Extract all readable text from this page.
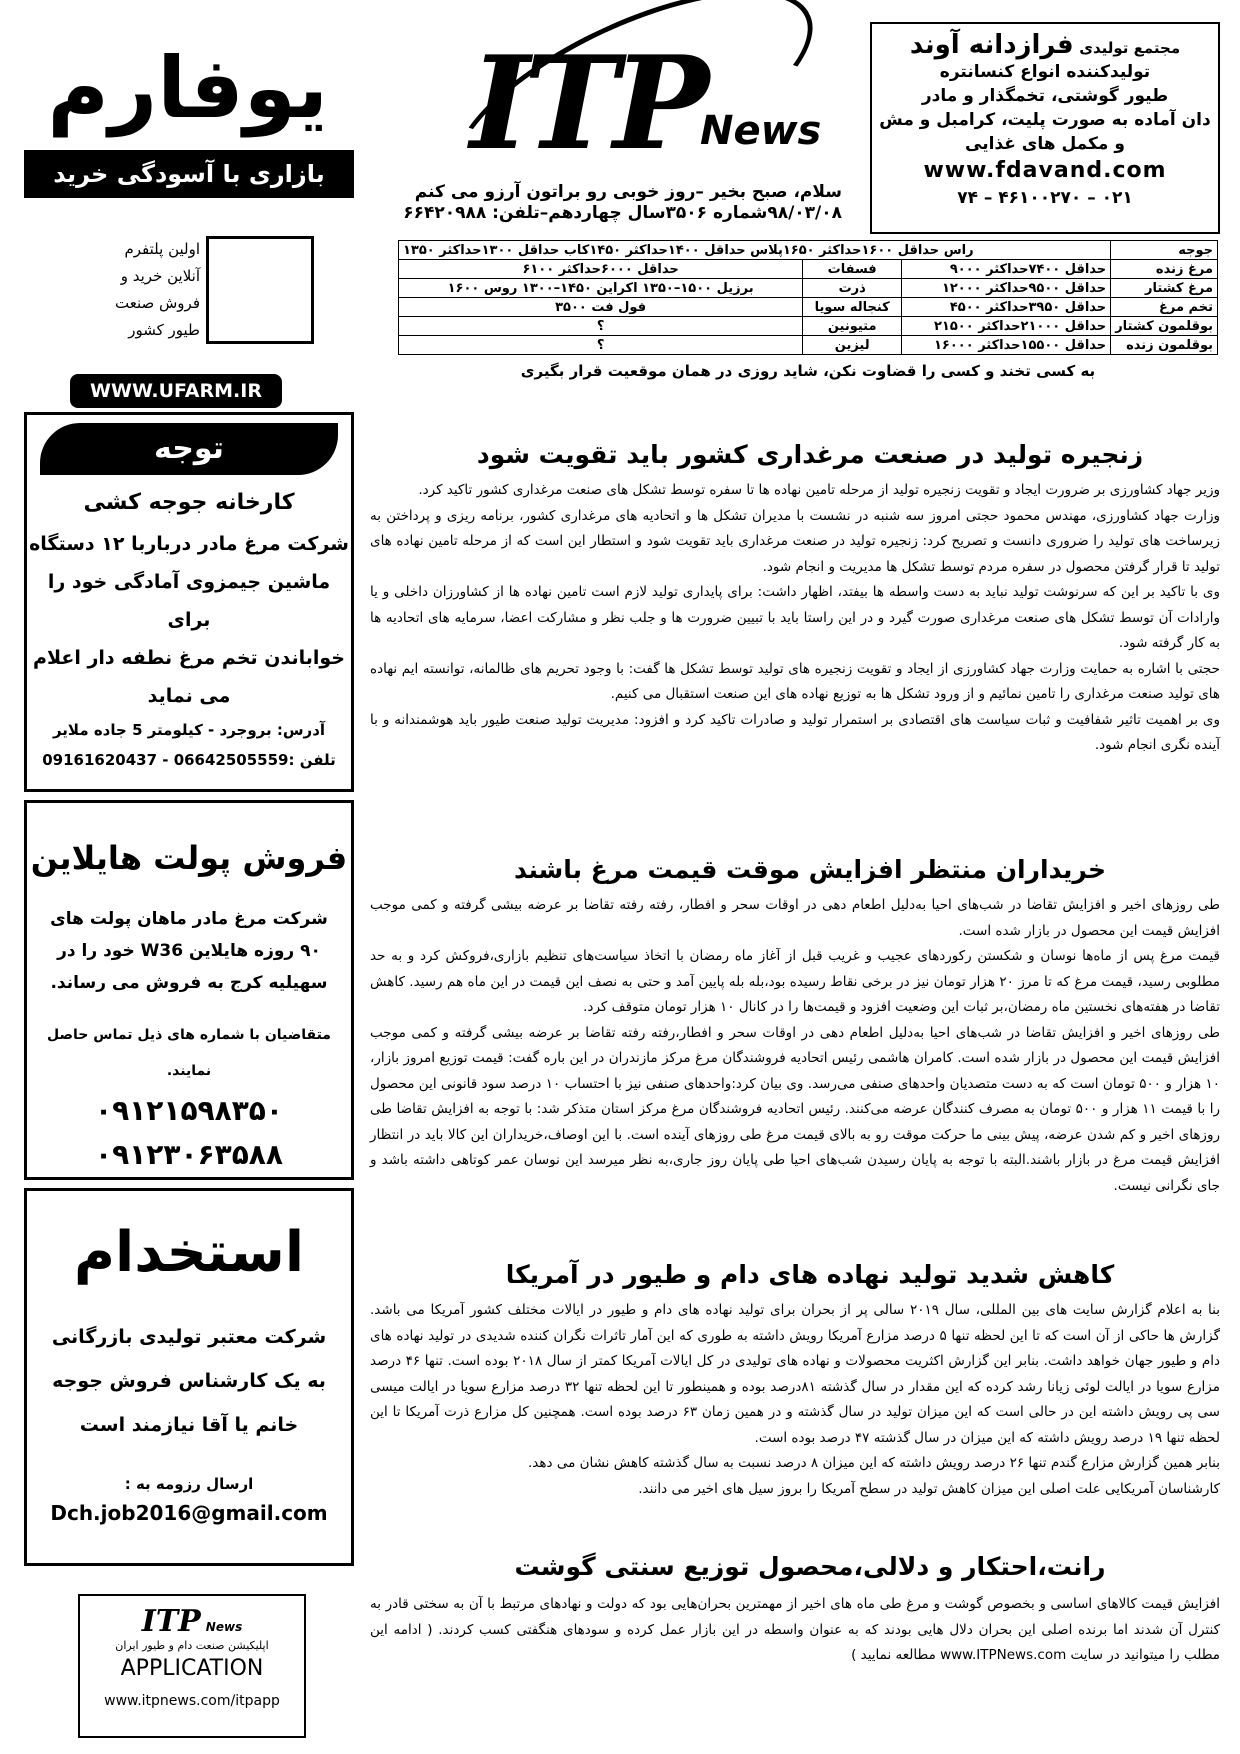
ITP
News
سلام، صبح بخیر –روز خوبی رو براتون آرزو می کنم
۹۸/۰۳/۰۸شماره ۳۵۰۶سال چهاردهم–تلفن: ۶۶۴۲۰۹۸۸
یوفارم
بازاری با آسودگی خرید
اولین پلتفرم
آنلاین خرید و
فروش صنعت
طیور کشور
WWW.UFARM.IR
مجتمع تولیدی فرازدانه آوند
تولیدکننده انواع کنسانتره
طیور گوشتی، تخمگذار و مادر
دان آماده به صورت پلیت، کرامبل و مش
و مکمل های غذایی
www.fdavand.com
۰۲۱ – ۴۶۱۰۰۲۷۰ – ۷۴
جوجه	راس حداقل ۱۶۰۰حداکثر ۱۶۵۰پلاس حداقل ۱۴۰۰حداکثر ۱۴۵۰کاب حداقل ۱۳۰۰حداکثر ۱۳۵۰		
مرغ زنده	حداقل ۷۴۰۰حداکثر ۹۰۰۰	فسفات	حداقل ۶۰۰۰حداکثر ۶۱۰۰
مرغ کشتار	حداقل ۹۵۰۰حداکثر ۱۲۰۰۰	ذرت	برزیل ۱۵۰۰–۱۳۵۰ اکراین ۱۴۵۰–۱۳۰۰ روس ۱۶۰۰
تخم مرغ	حداقل ۳۹۵۰حداکثر ۴۵۰۰	کنجاله سویا	فول فت ۳۵۰۰
بوقلمون کشتار	حداقل ۲۱۰۰۰حداکثر ۲۱۵۰۰	متیونین	؟
بوقلمون زنده	حداقل ۱۵۵۰۰حداکثر ۱۶۰۰۰	لیزین	؟
به کسی تخند و کسی را قضاوت نکن، شاید روزی در همان موقعیت قرار بگیری
زنجیره تولید در صنعت مرغداری کشور باید تقویت شود

وزیر جهاد کشاورزی بر ضرورت ایجاد و تقویت زنجیره تولید از مرحله تامین نهاده ها تا سفره توسط تشکل های صنعت مرغداری کشور تاکید کرد.

وزارت جهاد کشاورزی، مهندس محمود حجتی امروز سه شنبه در نشست با مدیران تشکل ها و اتحادیه های مرغداری کشور، برنامه ریزی و پرداختن به زیرساخت های تولید را ضروری دانست و تصریح کرد: زنجیره تولید در صنعت مرغداری باید تقویت شود و استطار این است که از مرحله تامین نهاده های تولید تا قرار گرفتن محصول در سفره مردم توسط تشکل ها مدیریت و انجام شود.

وی با تاکید بر این که سرنوشت تولید نباید به دست واسطه ها بیفتد، اظهار داشت: برای پایداری تولید لازم است تامین نهاده ها از کشاورزان داخلی و یا وارادات آن توسط تشکل های صنعت مرغداری صورت گیرد و در این راستا باید با تبیین ضرورت ها و جلب نظر و مشارکت اعضا، سرمایه های اتحادیه ها به کار گرفته شود.

حجتی با اشاره به حمایت وزارت جهاد کشاورزی از ایجاد و تقویت زنجیره های تولید توسط تشکل ها گفت: با وجود تحریم های ظالمانه، توانسته ایم نهاده های تولید صنعت مرغداری را تامین نمائیم و از ورود تشکل ها به توزیع نهاده های این صنعت استقبال می کنیم.

وی بر اهمیت تاثیر شفافیت و ثبات سیاست های اقتصادی بر استمرار تولید و صادرات تاکید کرد و افزود: مدیریت تولید صنعت طیور باید هوشمندانه و با آینده نگری انجام شود.

خریداران منتظر افزایش موقت قیمت مرغ باشند

طی روزهای اخیر و افزایش تقاضا در شب‌های احیا به‌دلیل اطعام دهی در اوقات سحر و افطار، رفته رفته تقاضا بر عرضه بیشی گرفته و کمی موجب افزایش قیمت این محصول در بازار شده است.

قیمت مرغ پس از ماه‌ها نوسان و شکستن رکوردهای عجیب و غریب قبل از آغاز ماه رمضان با اتخاذ سیاست‌های تنظیم بازاری،فروکش کرد و به حد مطلوبی رسید، قیمت مرغ که تا مرز ۲۰ هزار تومان نیز در برخی نقاط رسیده بود،بله بله پایین آمد و حتی به نصف این قیمت در این ماه هم رسید. کاهش تقاضا در هفته‌های نخستین ماه رمضان،بر ثبات این وضعیت افزود و قیمت‌ها را در کانال ۱۰ هزار تومان متوقف کرد.

طی روزهای اخیر و افزایش تقاضا در شب‌های احیا به‌دلیل اطعام دهی در اوقات سحر و افطار،رفته رفته تقاضا بر عرضه بیشی گرفته و کمی موجب افزایش قیمت این محصول در بازار شده است. کامران هاشمی رئیس اتحادیه فروشندگان مرغ مرکز مازندران در این باره گفت: قیمت توزیع امروز بازار، ۱۰ هزار و ۵۰۰ تومان است که به دست متصدیان واحدهای صنفی می‌رسد. وی بیان کرد:واحدهای صنفی نیز با احتساب ۱۰ درصد سود قانونی این محصول را با قیمت ۱۱ هزار و ۵۰۰ تومان به مصرف کنندگان عرضه می‌کنند. رئیس اتحادیه فروشندگان مرغ مرکز استان متذکر شد: با توجه به افزایش تقاضا طی روزهای اخیر و کم شدن عرضه، پیش بینی ما حرکت موقت رو به بالای قیمت مرغ طی روزهای آینده است. با این اوصاف،خریداران این کالا باید در انتظار افزایش قیمت مرغ در بازار باشند.البته با توجه به پایان رسیدن شب‌های احیا طی پایان روز جاری،به نظر میرسد این نوسان عمر کوتاهی داشته باشد و جای نگرانی نیست.

کاهش شدید تولید نهاده های دام و طیور در آمریکا

بنا به اعلام گزارش سایت های بین المللی، سال ۲۰۱۹ سالی پر از بحران برای تولید نهاده های دام و طیور در ایالات مختلف کشور آمریکا می باشد. گزارش ها حاکی از آن است که تا این لحظه تنها ۵ درصد مزارع آمریکا رویش داشته به طوری که این آمار تاثرات نگران کننده شدیدی در تولید نهاده های دام و طیور جهان خواهد داشت. بنابر این گزارش اکثریت محصولات و نهاده های تولیدی در کل ایالات آمریکا کمتر از سال ۲۰۱۸ بوده است. تنها ۴۶ درصد مزارع سویا در ایالت لوئی زیانا رشد کرده که این مقدار در سال گذشته ۸۱درصد بوده و همینطور تا این لحظه تنها ۳۲ درصد مزارع سویا در ایالت میسی سی پی رویش داشته این در حالی است که این میزان تولید در سال گذشته و در همین زمان ۶۳ درصد بوده است. همچنین کل مزارع ذرت آمریکا تا این لحظه تنها ۱۹ درصد رویش داشته که این میزان در سال گذشته ۴۷ درصد بوده است.

بنابر همین گزارش مزارع گندم تنها ۲۶ درصد رویش داشته که این میزان ۸ درصد نسبت به سال گذشته کاهش نشان می دهد.

کارشناسان آمریکایی علت اصلی این میزان کاهش تولید در سطح آمریکا را بروز سیل های اخیر می دانند.

رانت،احتکار و دلالی،محصول توزیع سنتی گوشت

افزایش قیمت کالاهای اساسی و بخصوص گوشت و مرغ طی ماه های اخیر از مهمترین بحران‌هایی بود که دولت و نهادهای مرتبط با آن به سختی قادر به کنترل آن شدند اما برنده اصلی این بحران دلال هایی بودند که به عنوان واسطه در این بازار عمل کرده و سودهای هنگفتی کسب کردند. ( ادامه این مطلب را میتوانید در سایت www.ITPNews.com مطالعه نمایید )

توجه
کارخانه جوجه کشی
شرکت مرغ مادر درباربا ۱۲ دستگاه
ماشین جیمزوی آمادگی خود را برای
خواباندن تخم مرغ نطفه دار اعلام
می نماید
آدرس: بروجرد - کیلومتر 5 جاده ملایر
تلفن :06642505559 - 09161620437
فروش پولت هایلاین
شرکت مرغ مادر ماهان پولت های
۹۰ روزه هایلاین W36 خود را در
سهیلیه کرج به فروش می رساند.
متقاضیان با شماره های ذیل تماس حاصل نمایند.
۰۹۱۲۱۵۹۸۳۵۰
۰۹۱۲۳۰۶۳۵۸۸
استخدام
شرکت معتبر تولیدی بازرگانی
به یک کارشناس فروش جوجه
خانم یا آقا نیازمند است
ارسال رزومه به :
Dch.job2016@gmail.com
ITP News
اپلیکیشن صنعت دام و طیور ایران
APPLICATION
www.itpnews.com/itpapp
